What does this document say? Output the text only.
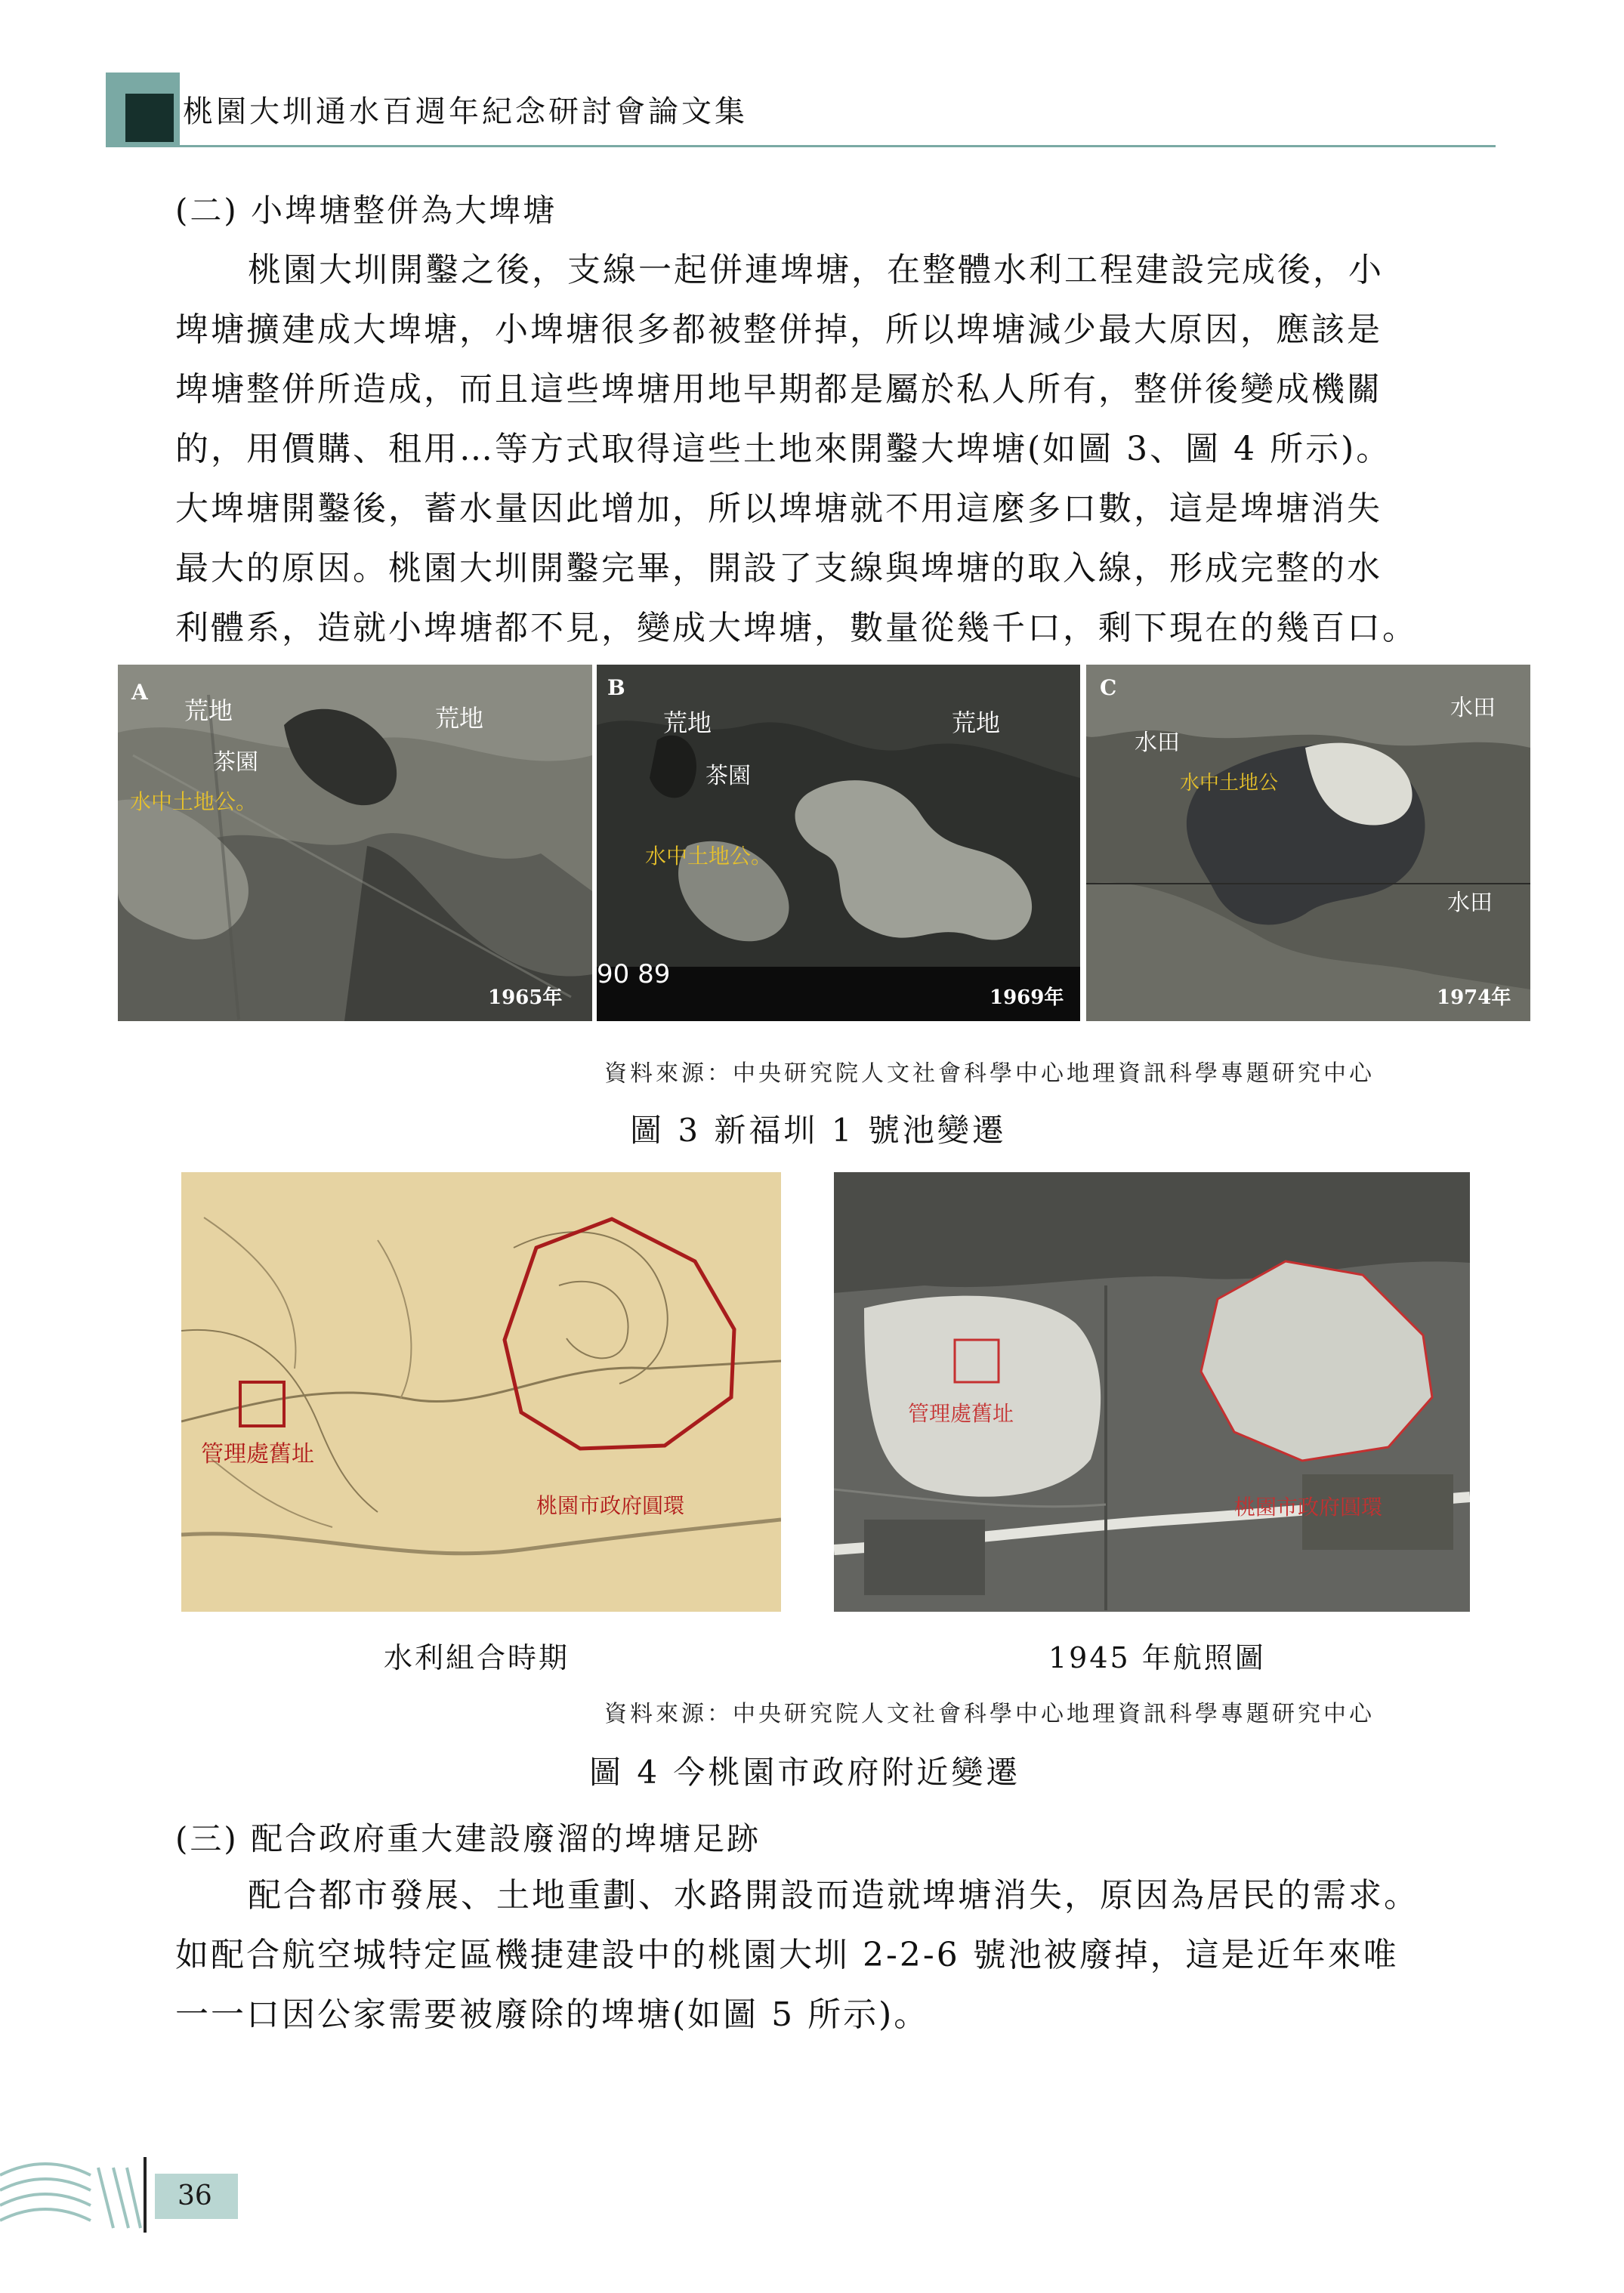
桃園大圳通水百週年紀念研討會論文集
(二) 小埤塘整併為大埤塘

桃園大圳開鑿之後，支線一起併連埤塘，在整體水利工程建設完成後，小

埤塘擴建成大埤塘，小埤塘很多都被整併掉，所以埤塘減少最大原因，應該是

埤塘整併所造成，而且這些埤塘用地早期都是屬於私人所有，整併後變成機關

的，用價購、租用…等方式取得這些土地來開鑿大埤塘(如圖 3、圖 4 所示)。

大埤塘開鑿後，蓄水量因此增加，所以埤塘就不用這麼多口數，這是埤塘消失

最大的原因。桃園大圳開鑿完畢，開設了支線與埤塘的取入線，形成完整的水

利體系，造就小埤塘都不見，變成大埤塘，數量從幾千口，剩下現在的幾百口。

A
荒地	荒地
茶園
水中土地公。
1965年
B
荒地	荒地
茶園
水中土地公。
90 89
1969年
C
水田
水田
水中土地公
水田
1974年
資料來源：中央研究院人文社會科學中心地理資訊科學專題研究中心
圖 3 新福圳 1 號池變遷
管理處舊址
桃園市政府圓環
管理處舊址
桃園市政府圓環
水利組合時期	1945 年航照圖
資料來源：中央研究院人文社會科學中心地理資訊科學專題研究中心
圖 4 今桃園市政府附近變遷
(三) 配合政府重大建設廢溜的埤塘足跡

配合都市發展、土地重劃、水路開設而造就埤塘消失，原因為居民的需求。

如配合航空城特定區機捷建設中的桃園大圳 2-2-6 號池被廢掉，這是近年來唯

一一口因公家需要被廢除的埤塘(如圖 5 所示)。

36
